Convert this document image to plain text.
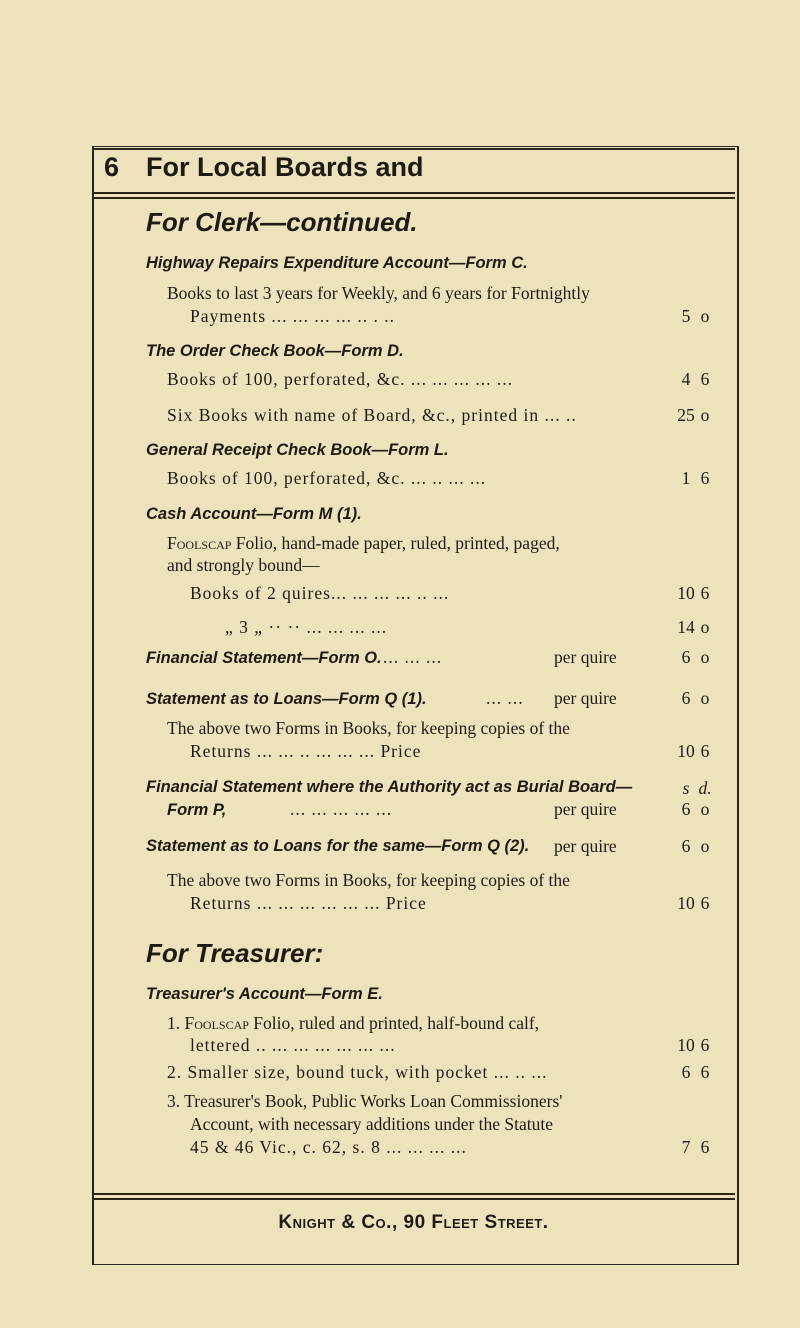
6 For Local Boards and
For Clerk—continued.
Highway Repairs Expenditure Account—Form C.
Books to last 3 years for Weekly, and 6 years for Fortnightly
Payments ... ... ... ... .. . ..	5 o
The Order Check Book—Form D.
Books of 100, perforated, &c. ... ... ... ... ...	4 6
Six Books with name of Board, &c., printed in ... ..	25 o
General Receipt Check Book—Form L.
Books of 100, perforated, &c. ... .. ... ...	1 6
Cash Account—Form M (1).
Foolscap Folio, hand-made paper, ruled, printed, paged,
and strongly bound—
Books of 2 quires... ... ... ... .. ...	10 6
„ 3 „ ·· ·· ... ... ... ...	14 o
Financial Statement—Form O. ... ... ...	per quire	6 o
Statement as to Loans—Form Q (1).	... ... per quire	6 o
The above two Forms in Books, for keeping copies of the
Returns ... ... .. ... ... ... Price	10 6
Financial Statement where the Authority act as Burial Board—	s d.
Form P,	... ... ... ... ...	per quire	6 o
Statement as to Loans for the same—Form Q (2). per quire	6 o
The above two Forms in Books, for keeping copies of the
Returns ... ... ... ... ... ... Price	10 6
For Treasurer:
Treasurer's Account—Form E.
1. Foolscap Folio, ruled and printed, half-bound calf,
lettered .. ... ... ... ... ... ...	10 6
2. Smaller size, bound tuck, with pocket ... .. ...	6 6
3. Treasurer's Book, Public Works Loan Commissioners'
Account, with necessary additions under the Statute
45 & 46 Vic., c. 62, s. 8 ... ... ... ...	7 6
Knight & Co., 90 Fleet Street.
